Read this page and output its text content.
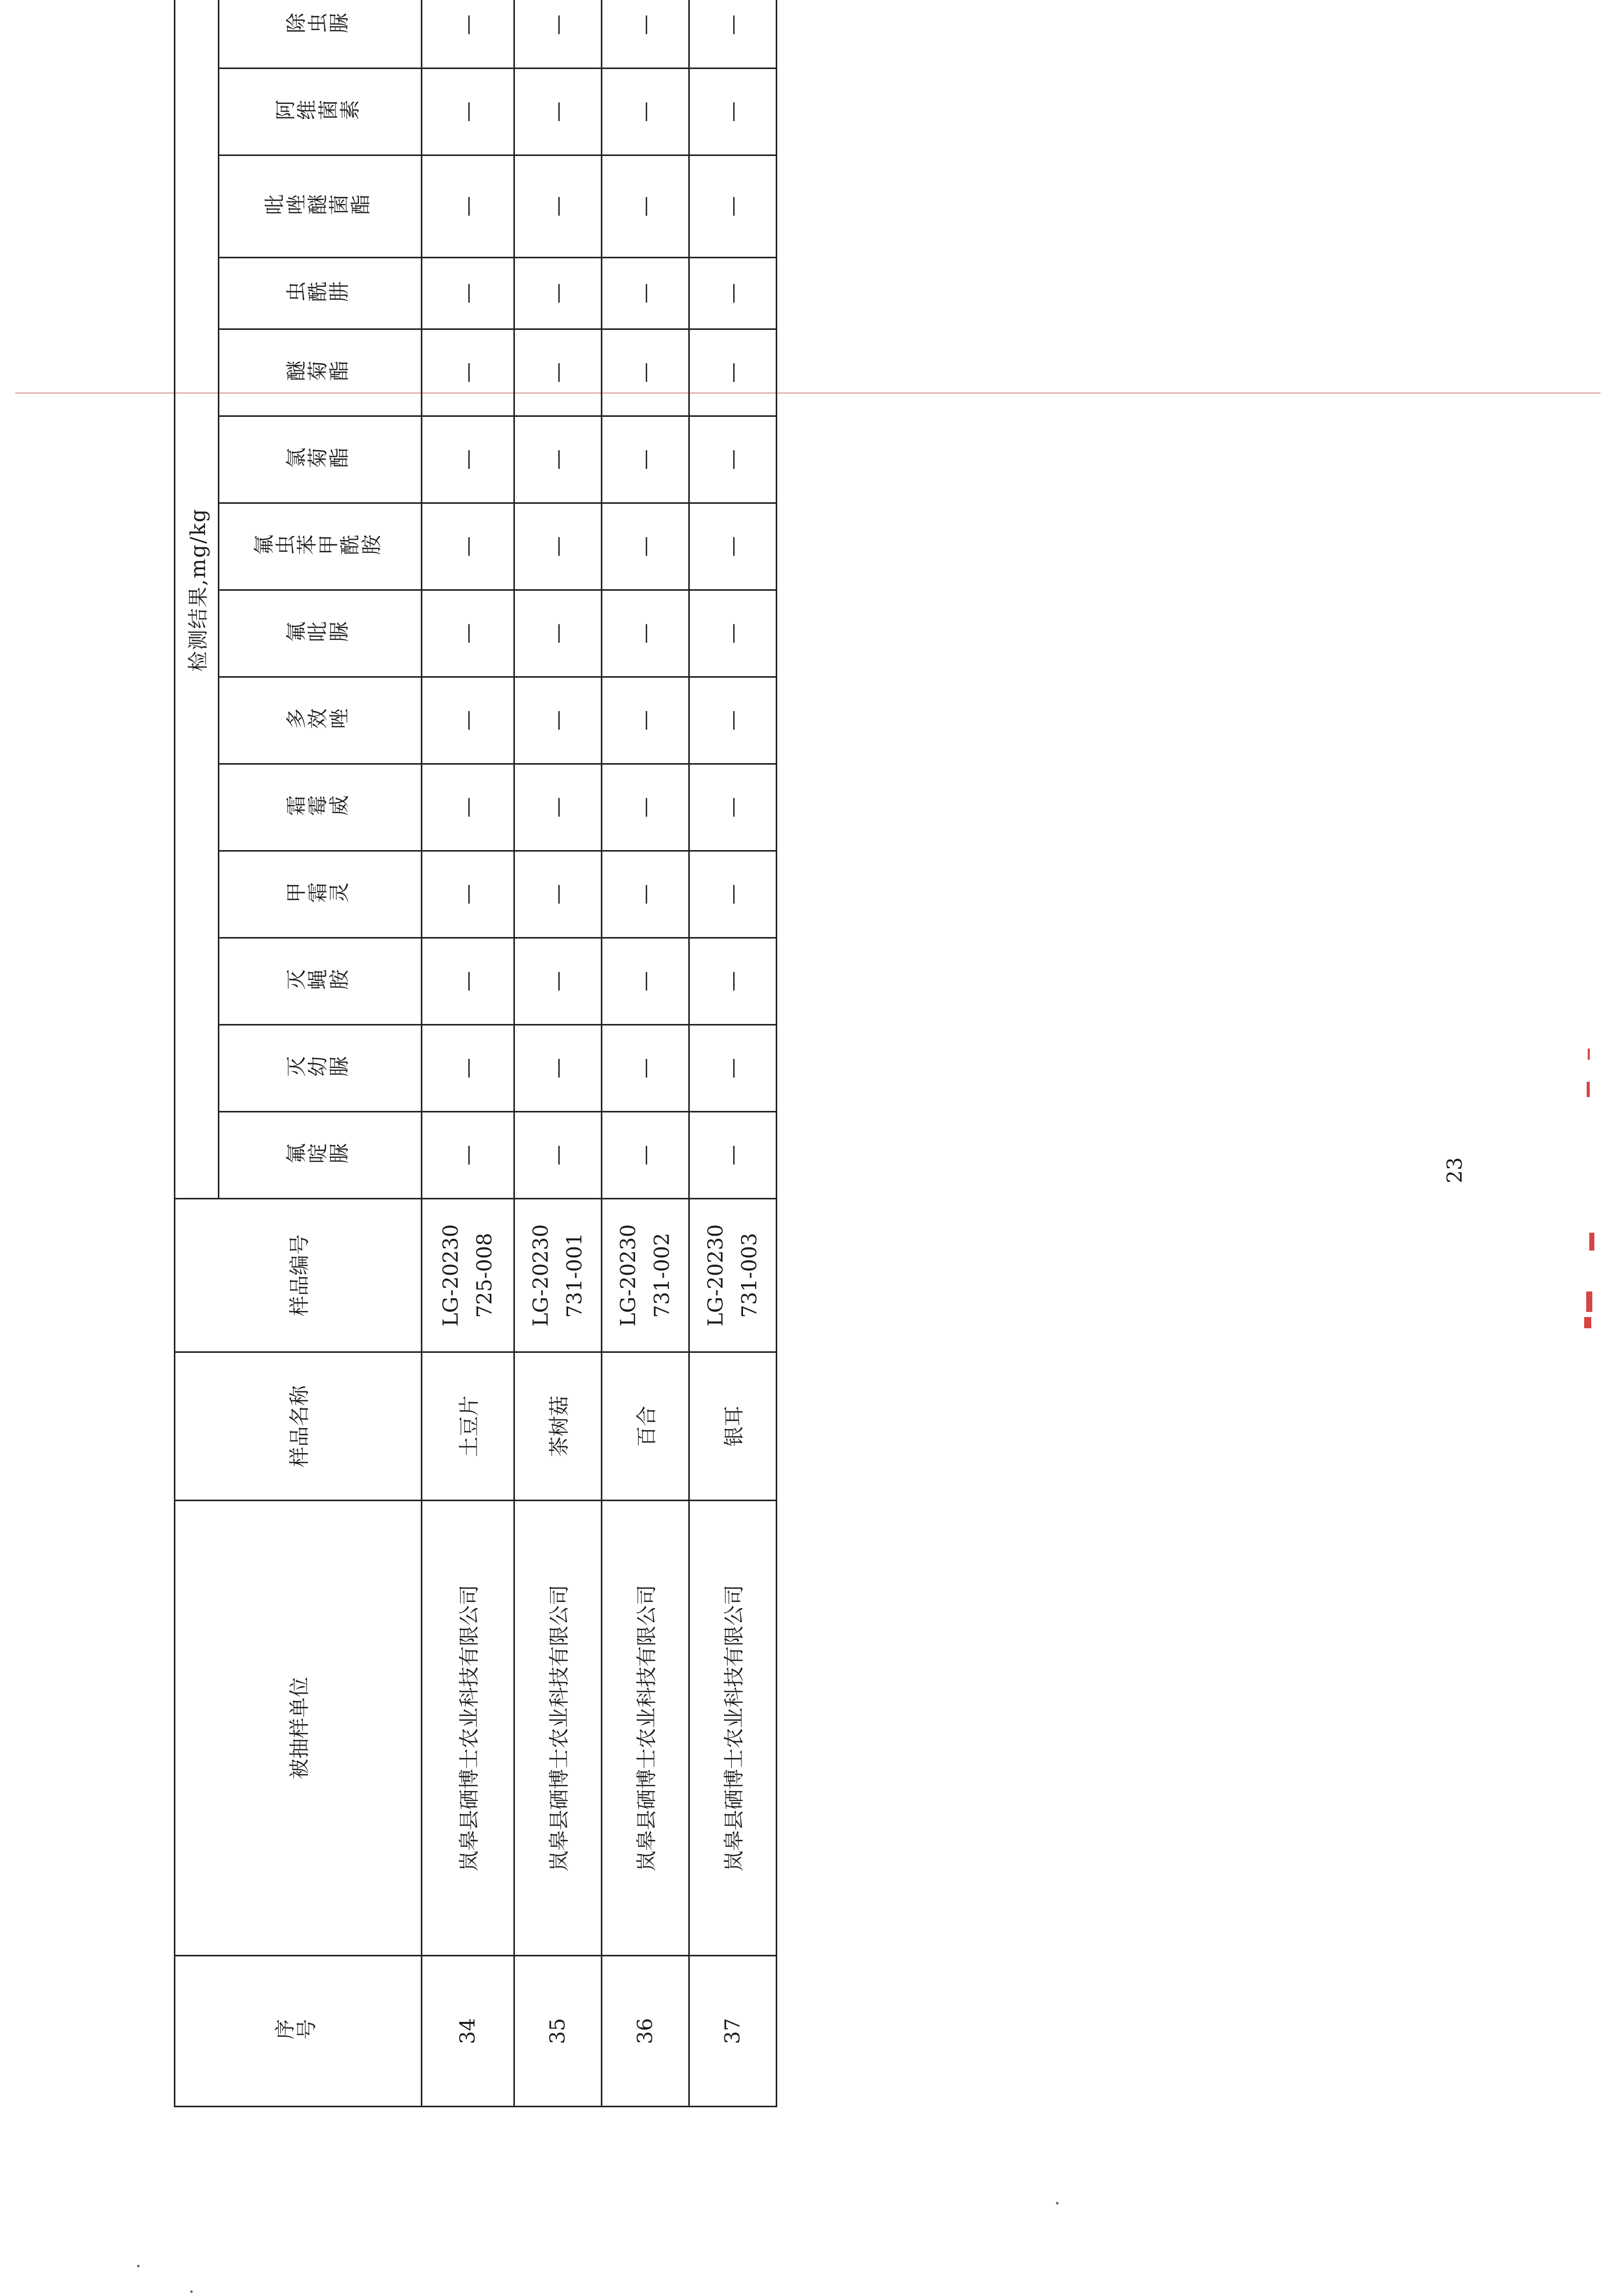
序号	被抽样单位	样品名称	样品编号	检测结果,mg/kg													
				氟啶脲	灭幼脲	灭蝇胺	甲霜灵	霜霉威	多效唑	氟吡脲	氟虫苯甲酰胺	氯菊酯	醚菊酯	虫酰肼	吡唑醚菌酯	阿维菌素	除虫脲
34	岚皋县硒博士农业科技有限公司	土豆片	LG-20230 725-008	—	—	—	—	—	—	—	—	—	—	—	—	—	—
35	岚皋县硒博士农业科技有限公司	茶树菇	LG-20230 731-001	—	—	—	—	—	—	—	—	—	—	—	—	—	—
36	岚皋县硒博士农业科技有限公司	百合	LG-20230 731-002	—	—	—	—	—	—	—	—	—	—	—	—	—	—
37	岚皋县硒博士农业科技有限公司	银耳	LG-20230 731-003	—	—	—	—	—	—	—	—	—	—	—	—	—	—
23
